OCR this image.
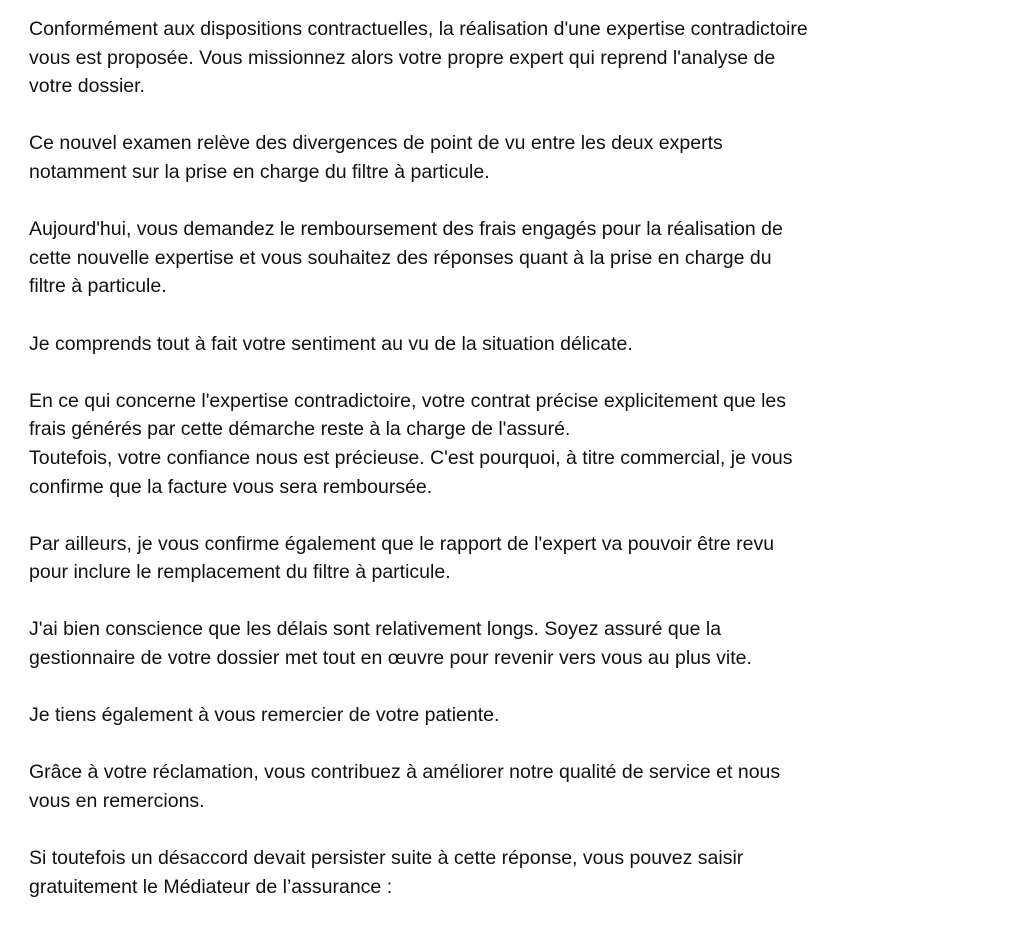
Conformément aux dispositions contractuelles, la réalisation d'une expertise contradictoire
vous est proposée. Vous missionnez alors votre propre expert qui reprend l'analyse de
votre dossier.

Ce nouvel examen relève des divergences de point de vu entre les deux experts
notamment sur la prise en charge du filtre à particule.

Aujourd'hui, vous demandez le remboursement des frais engagés pour la réalisation de
cette nouvelle expertise et vous souhaitez des réponses quant à la prise en charge du
filtre à particule.

Je comprends tout à fait votre sentiment au vu de la situation délicate.

En ce qui concerne l'expertise contradictoire, votre contrat précise explicitement que les
frais générés par cette démarche reste à la charge de l'assuré.
Toutefois, votre confiance nous est précieuse. C'est pourquoi, à titre commercial, je vous
confirme que la facture vous sera remboursée.

Par ailleurs, je vous confirme également que le rapport de l'expert va pouvoir être revu
pour inclure le remplacement du filtre à particule.

J'ai bien conscience que les délais sont relativement longs. Soyez assuré que la
gestionnaire de votre dossier met tout en œuvre pour revenir vers vous au plus vite.

Je tiens également à vous remercier de votre patiente.

Grâce à votre réclamation, vous contribuez à améliorer notre qualité de service et nous
vous en remercions.

Si toutefois un désaccord devait persister suite à cette réponse, vous pouvez saisir
gratuitement le Médiateur de l’assurance :
